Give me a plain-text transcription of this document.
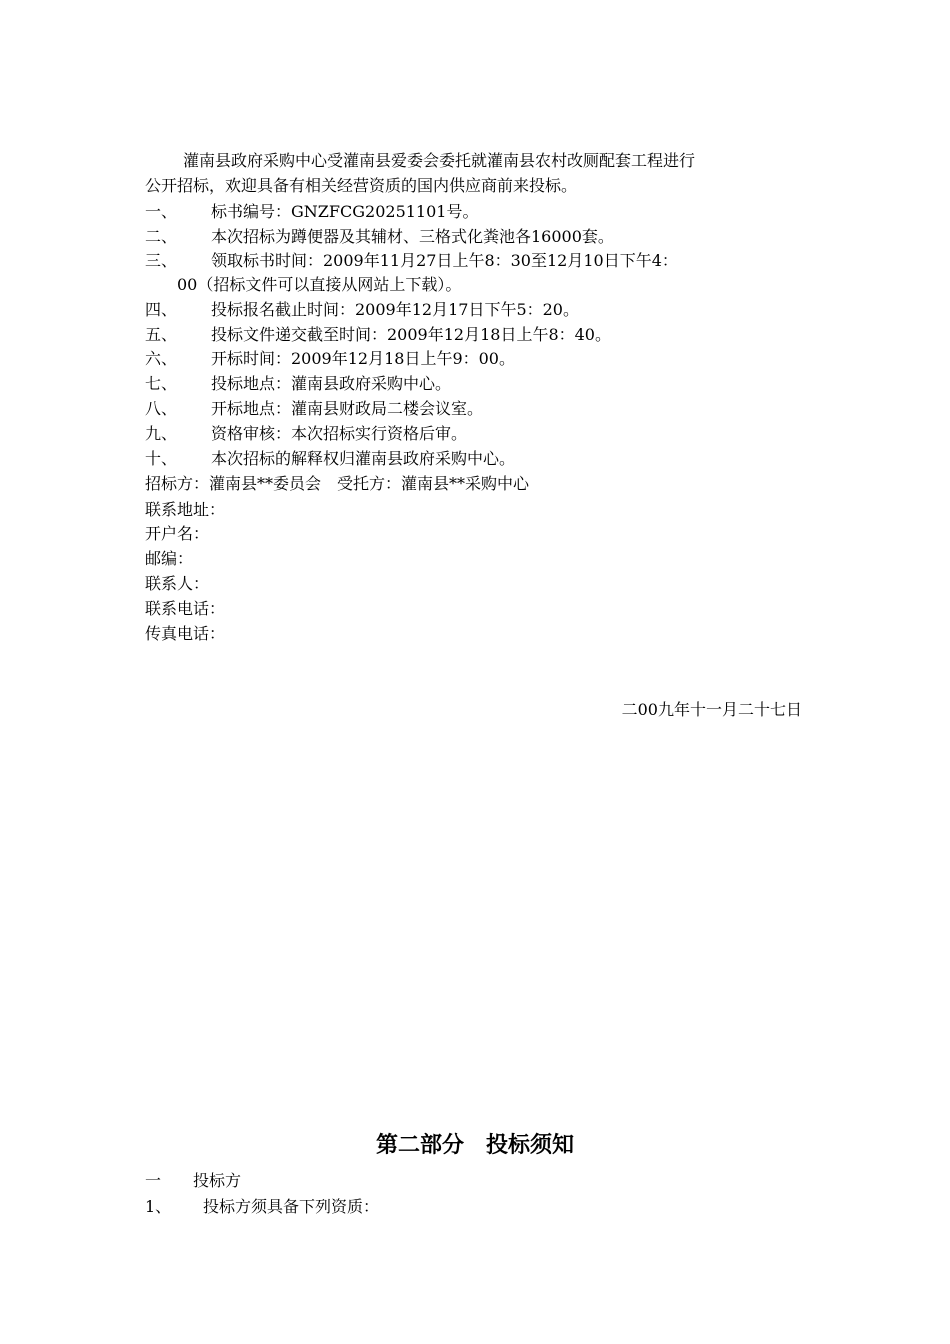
灌南县政府采购中心受灌南县爱委会委托就灌南县农村改厕配套工程进行
公开招标，欢迎具备有相关经营资质的国内供应商前来投标。
一、 标书编号：GNZFCG20251101号。
二、 本次招标为蹲便器及其辅材、三格式化粪池各16000套。
三、 领取标书时间：2009年11月27日上午8：30至12月10日下午4：
00（招标文件可以直接从网站上下载）。
四、 投标报名截止时间：2009年12月17日下午5：20。
五、 投标文件递交截至时间：2009年12月18日上午8：40。
六、 开标时间：2009年12月18日上午9：00。
七、 投标地点：灌南县政府采购中心。
八、 开标地点：灌南县财政局二楼会议室。
九、 资格审核：本次招标实行资格后审。
十、 本次招标的解释权归灌南县政府采购中心。
招标方：灌南县**委员会　受托方：灌南县**采购中心
联系地址：
开户名：
邮编：
联系人：
联系电话：
传真电话：
二00九年十一月二十七日
第二部分　投标须知
一 投标方
1、 投标方须具备下列资质：
